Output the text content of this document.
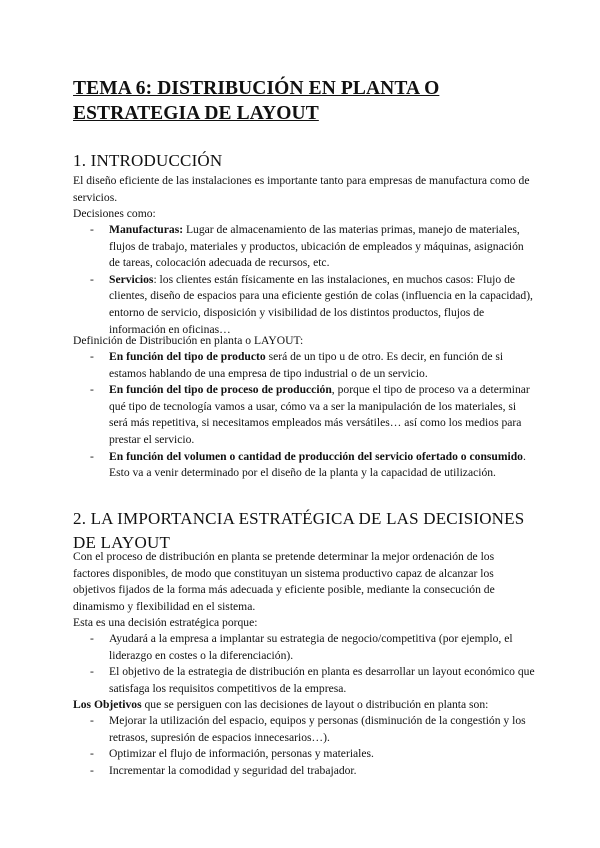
TEMA 6: DISTRIBUCIÓN EN PLANTA O ESTRATEGIA DE LAYOUT
1. INTRODUCCIÓN

El diseño eficiente de las instalaciones es importante tanto para empresas de manufactura como de servicios.

Decisiones como:

- Manufacturas: Lugar de almacenamiento de las materias primas, manejo de materiales, flujos de trabajo, materiales y productos, ubicación de empleados y máquinas, asignación de tareas, colocación adecuada de recursos, etc.
- Servicios: los clientes están físicamente en las instalaciones, en muchos casos: Flujo de clientes, diseño de espacios para una eficiente gestión de colas (influencia en la capacidad), entorno de servicio, disposición y visibilidad de los distintos productos, flujos de información en oficinas…

Definición de Distribución en planta o LAYOUT:

- En función del tipo de producto será de un tipo u de otro. Es decir, en función de si estamos hablando de una empresa de tipo industrial o de un servicio.
- En función del tipo de proceso de producción, porque el tipo de proceso va a determinar qué tipo de tecnología vamos a usar, cómo va a ser la manipulación de los materiales, si será más repetitiva, si necesitamos empleados más versátiles… así como los medios para prestar el servicio.
- En función del volumen o cantidad de producción del servicio ofertado o consumido. Esto va a venir determinado por el diseño de la planta y la capacidad de utilización.
2. LA IMPORTANCIA ESTRATÉGICA DE LAS DECISIONES DE LAYOUT

Con el proceso de distribución en planta se pretende determinar la mejor ordenación de los factores disponibles, de modo que constituyan un sistema productivo capaz de alcanzar los objetivos fijados de la forma más adecuada y eficiente posible, mediante la consecución de dinamismo y flexibilidad en el sistema.

Esta es una decisión estratégica porque:

- Ayudará a la empresa a implantar su estrategia de negocio/competitiva (por ejemplo, el liderazgo en costes o la diferenciación).
- El objetivo de la estrategia de distribución en planta es desarrollar un layout económico que satisfaga los requisitos competitivos de la empresa.

Los Objetivos que se persiguen con las decisiones de layout o distribución en planta son:

- Mejorar la utilización del espacio, equipos y personas (disminución de la congestión y los retrasos, supresión de espacios innecesarios…).
- Optimizar el flujo de información, personas y materiales.
- Incrementar la comodidad y seguridad del trabajador.
